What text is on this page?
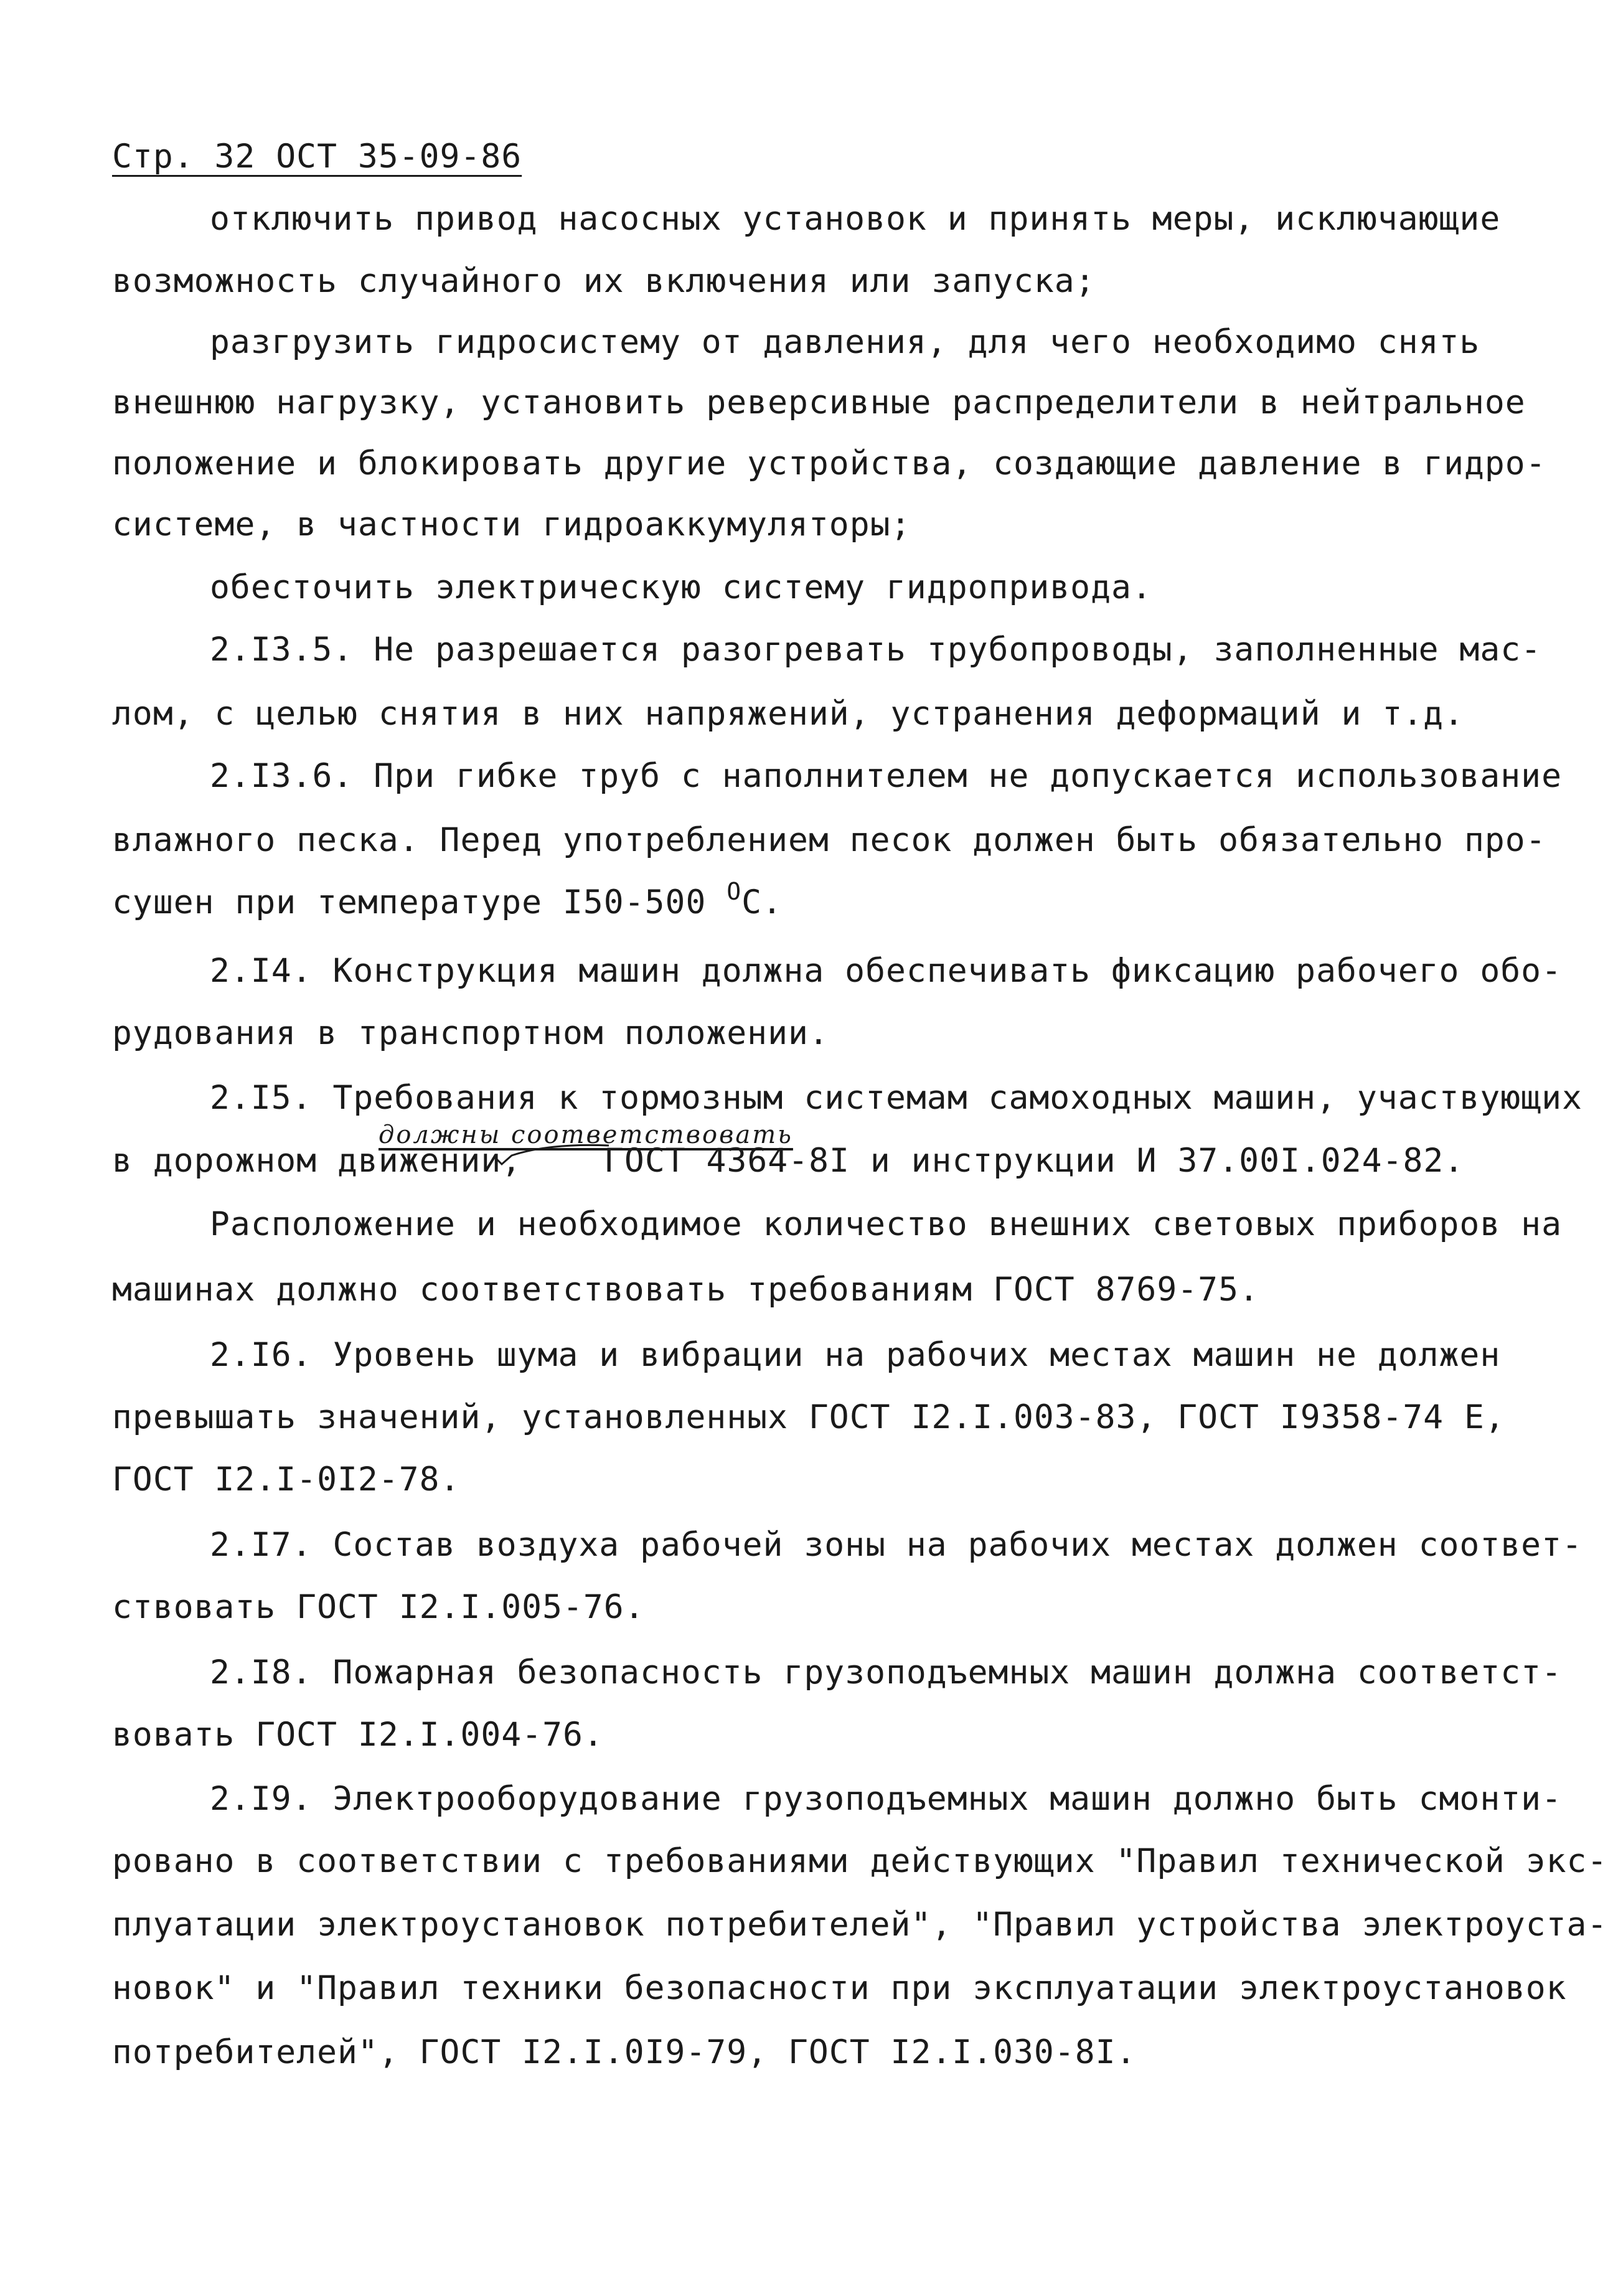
Стр. 32 ОСТ 35-09-86
отключить привод насосных установок и принять меры, исключающие
возможность случайного их включения или запуска;
разгрузить гидросистему от давления, для чего необходимо снять
внешнюю нагрузку, установить реверсивные распределители в нейтральное
положение и блокировать другие устройства, создающие давление в гидро-
системе, в частности гидроаккумуляторы;
обесточить электрическую систему гидропривода.
2.I3.5. Не разрешается разогревать трубопроводы, заполненные мас-
лом, с целью снятия в них напряжений, устранения деформаций и т.д.
2.I3.6. При гибке труб с наполнителем не допускается использование
влажного песка. Перед употреблением песок должен быть обязательно про-
сушен при температуре I50-500 $^О$С.
2.I4. Конструкция машин должна обеспечивать фиксацию рабочего обо-
рудования в транспортном положении.
2.I5. Требования к тормозным системам самоходных машин, участвующих
должны соответствовать
в дорожном движении, ГОСТ 4364-8I и инструкции И 37.00I.024-82.
Расположение и необходимое количество внешних световых приборов на
машинах должно соответствовать требованиям ГОСТ 8769-75.
2.I6. Уровень шума и вибрации на рабочих местах машин не должен
превышать значений, установленных ГОСТ I2.I.003-83, ГОСТ I9358-74 Е,
ГОСТ I2.I-0I2-78.
2.I7. Состав воздуха рабочей зоны на рабочих местах должен соответ-
ствовать ГОСТ I2.I.005-76.
2.I8. Пожарная безопасность грузоподъемных машин должна соответст-
вовать ГОСТ I2.I.004-76.
2.I9. Электрооборудование грузоподъемных машин должно быть смонти-
ровано в соответствии с требованиями действующих "Правил технической экс-
плуатации электроустановок потребителей", "Правил устройства электроуста-
новок" и "Правил техники безопасности при эксплуатации электроустановок
потребителей", ГОСТ I2.I.0I9-79, ГОСТ I2.I.030-8I.
